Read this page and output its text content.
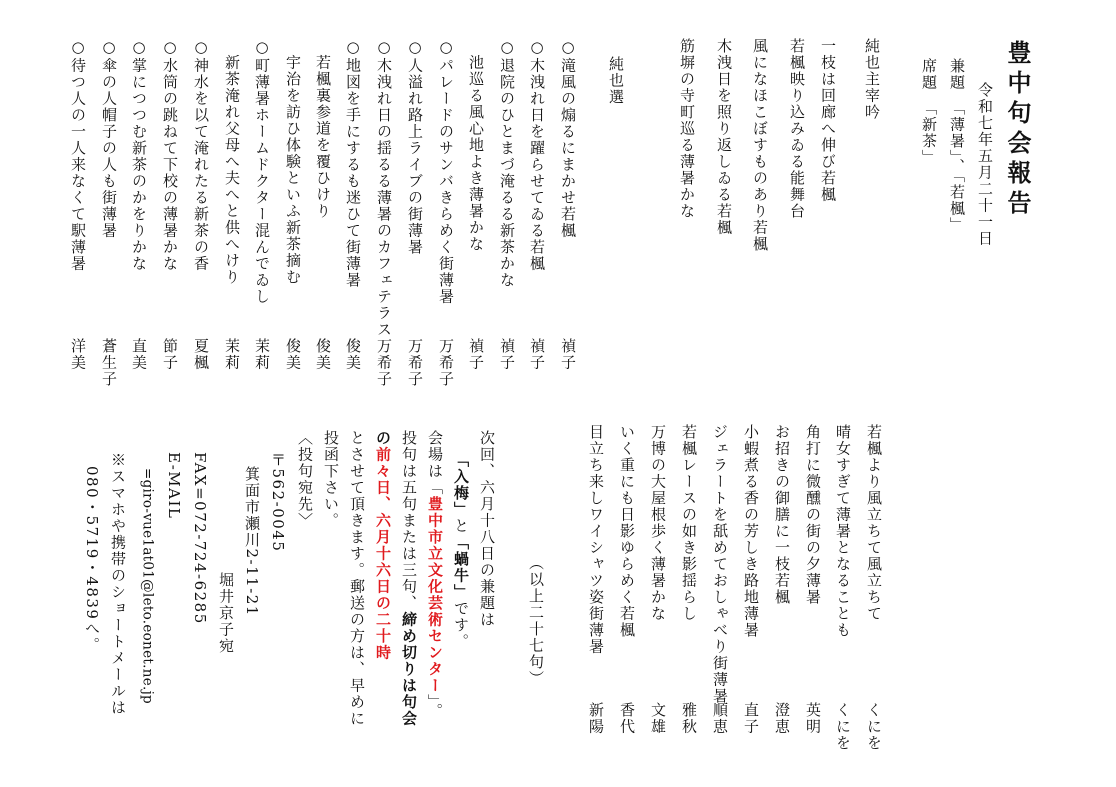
豊中句会報告
令和七年五月二十一日
兼題　「薄暑」、「若楓」
席題　「新茶」
純也主宰吟
一枝は回廊へ伸び若楓
若楓映り込みゐる能舞台
風になほこぼすものあり若楓
木洩日を照り返しゐる若楓
筋塀の寺町巡る薄暑かな
純也選
○滝風の煽るにまかせ若楓
禎子
○木洩れ日を躍らせてゐる若楓
禎子
○退院のひとまづ淹るる新茶かな
禎子
　池巡る風心地よき薄暑かな
禎子
○パレードのサンバきらめく街薄暑
万希子
○人溢れ路上ライブの街薄暑
万希子
○木洩れ日の揺るる薄暑のカフェテラス
万希子
○地図を手にするも迷ひて街薄暑
俊美
　若楓裏参道を覆ひけり
俊美
　宇治を訪ひ体験といふ新茶摘む
俊美
○町薄暑ホームドクター混んでゐし
茉莉
　新茶淹れ父母へ夫へと供へけり
茉莉
○神水を以て淹れたる新茶の香
夏楓
○水筒の跳ねて下校の薄暑かな
節子
○掌につつむ新茶のかをりかな
直美
○傘の人帽子の人も街薄暑
蒼生子
○待つ人の一人来なくて駅薄暑
洋美
若楓より風立ちて風立ちて
くにを
晴女すぎて薄暑となることも
くにを
角打に微醺の街の夕薄暑
英明
お招きの御膳に一枝若楓
澄恵
小蝦煮る香の芳しき路地薄暑
直子
ジェラートを舐めておしゃべり街薄暑
順恵
若楓レースの如き影揺らし
雅秋
万博の大屋根歩く薄暑かな
文雄
いく重にも日影ゆらめく若楓
香代
目立ち来しワイシャツ姿街薄暑
新陽
（以上二十七句）
次回、六月十八日の兼題は
「入梅」と「蝸牛」です。
会場は「豊中市立文化芸術センター」。
投句は五句または三句、締め切りは句会
の前々日、六月十六日の二十時
とさせて頂きます。郵送の方は、早めに
投函下さい。
〈投句宛先〉
〒562-0045
箕面市瀬川2-11-21
堀井京子宛
FAX=072-724-6285
E-MAIL
=giro-vue1at01@leto.eonet.ne.jp
※スマホや携帯のショートメールは
080・5719・4839へ。
